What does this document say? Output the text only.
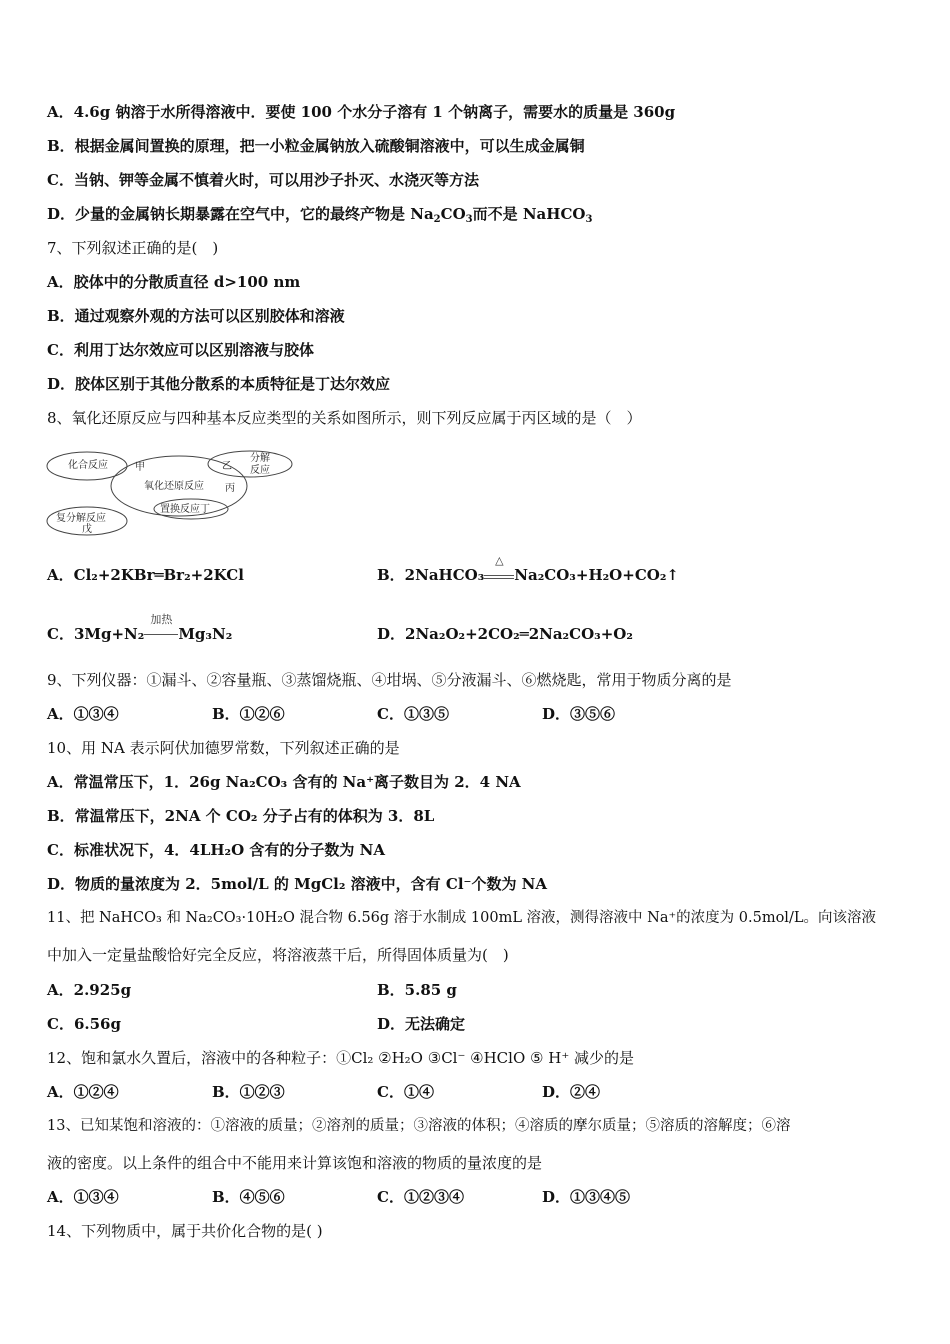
A．4.6g 钠溶于水所得溶液中．要使 100 个水分子溶有 1 个钠离子，需要水的质量是 360g
B．根据金属间置换的原理，把一小粒金属钠放入硫酸铜溶液中，可以生成金属铜
C．当钠、钾等金属不慎着火时，可以用沙子扑灭、水浇灭等方法
D．少量的金属钠长期暴露在空气中，它的最终产物是 $Na_2CO_3$而不是 NaHCO$_3$
7、下列叙述正确的是(　)
A．胶体中的分散质直径 d>100 nm
B．通过观察外观的方法可以区别胶体和溶液
C．利用丁达尔效应可以区别溶液与胶体
D．胶体区别于其他分散系的本质特征是丁达尔效应
8、氧化还原反应与四种基本反应类型的关系如图所示，则下列反应属于丙区域的是（　）
化合反应	甲	乙
分解
反应
氧化还原反应 丙
置换反应丁
复分解反应
戊
A．Cl₂+2KBr═Br₂+2KCl	B．2NaHCO₃
△
Na₂CO₃+H₂O+CO₂↑
C．3Mg+N₂
加热
Mg₃N₂	D．2Na₂O₂+2CO₂═2Na₂CO₃+O₂
9、下列仪器：①漏斗、②容量瓶、③蒸馏烧瓶、④坩埚、⑤分液漏斗、⑥燃烧匙，常用于物质分离的是
A．①③④	B．①②⑥	C．①③⑤	D．③⑤⑥
10、用 NA 表示阿伏加德罗常数，下列叙述正确的是
A．常温常压下，1．26g Na₂CO₃ 含有的 Na⁺离子数目为 2．4 NA
B．常温常压下，2NA 个 CO₂ 分子占有的体积为 3．8L
C．标准状况下，4．4LH₂O 含有的分子数为 NA
D．物质的量浓度为 2．5mol/L 的 MgCl₂ 溶液中，含有 Cl⁻个数为 NA
11、把 NaHCO₃ 和 Na₂CO₃·10H₂O 混合物 6.56g 溶于水制成 100mL 溶液，测得溶液中 Na⁺的浓度为 0.5mol/L。向该溶液
中加入一定量盐酸恰好完全反应，将溶液蒸干后，所得固体质量为(　)
A．2.925g	B．5.85 g
C．6.56g	D．无法确定
12、饱和氯水久置后，溶液中的各种粒子：①Cl₂ ②H₂O ③Cl⁻ ④HClO ⑤ H⁺ 减少的是
A．①②④	B．①②③	C．①④	D．②④
13、已知某饱和溶液的：①溶液的质量；②溶剂的质量；③溶液的体积；④溶质的摩尔质量；⑤溶质的溶解度；⑥溶
液的密度。以上条件的组合中不能用来计算该饱和溶液的物质的量浓度的是
A．①③④	B．④⑤⑥	C．①②③④	D．①③④⑤
14、下列物质中，属于共价化合物的是( )
